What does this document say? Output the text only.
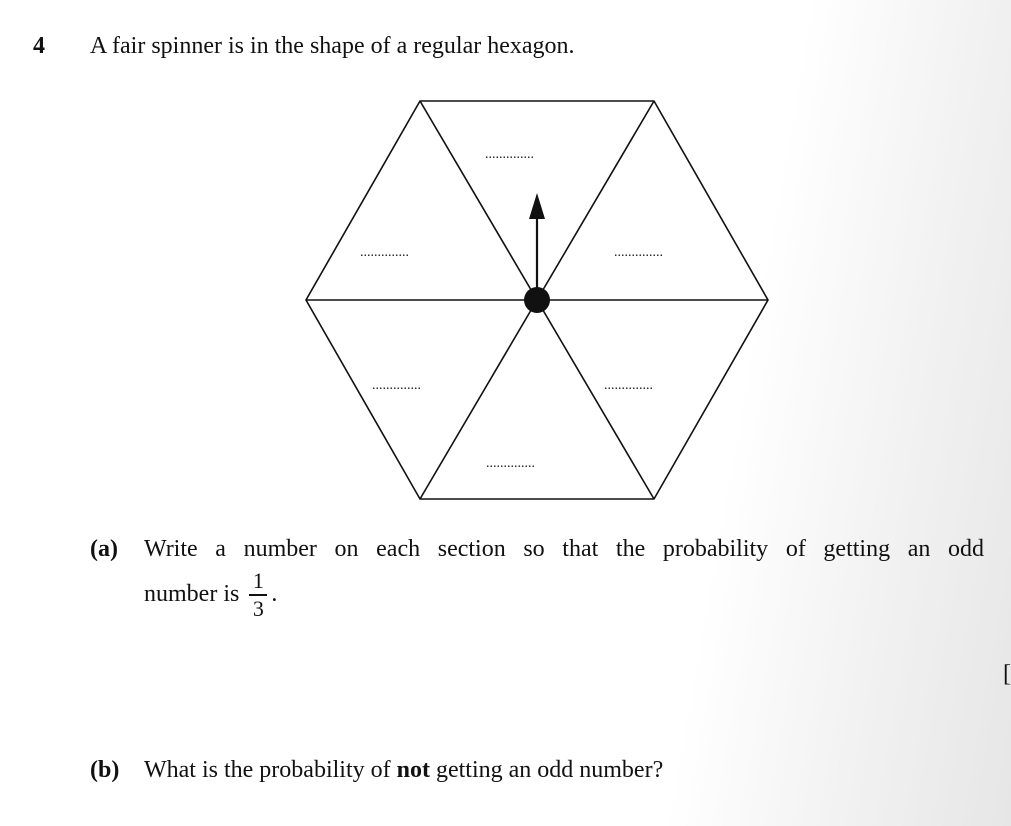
4 A fair spinner is in the shape of a regular hexagon.
..............
..............	..............
..............	..............
..............
(a) Write a number on each section so that the probability of getting an odd
number is $\frac{1}{3}$ .
(b) What is the probability of not getting an odd number?
[
